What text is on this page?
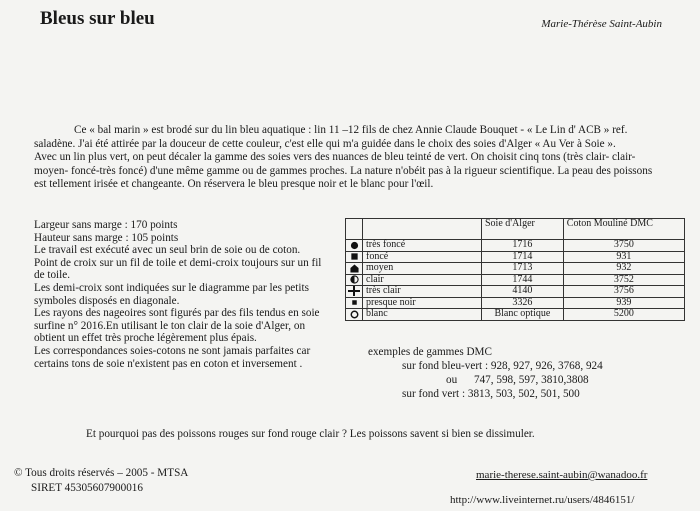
Bleus sur bleu	Marie-Thérèse Saint-Aubin

Ce « bal marin » est brodé sur du lin bleu aquatique : lin 11 –12 fils de chez Annie Claude Bouquet - « Le Lin d' ACB » ref. saladène. J'ai été attirée par la douceur de cette couleur, c'est elle qui m'a guidée dans le choix des soies d'Alger « Au Ver à Soie ».

Avec un lin plus vert, on peut décaler la gamme des soies vers des nuances de bleu teinté de vert. On choisit cinq tons (très clair- clair-moyen- foncé-très foncé) d'une même gamme ou de gammes proches. La nature n'obéit pas à la rigueur scientifique. La peau des poissons est tellement irisée et changeante. On réservera le bleu presque noir et le blanc pour l'œil.

Largeur sans marge : 170 points
Hauteur sans marge : 105 points
Le travail est exécuté avec un seul brin de soie ou de coton.
Point de croix sur un fil de toile et demi-croix toujours sur un fil de toile.
Les demi-croix sont indiquées sur le diagramme par les petits symboles disposés en diagonale.
Les rayons des nageoires sont figurés par des fils tendus en soie surfine n° 2016.En utilisant le ton clair de la soie d'Alger, on obtient un effet très proche légèrement plus épais.
Les correspondances soies-cotons ne sont jamais parfaites car certains tons de soie n'existent pas en coton et inversement .
		Soie d'Alger	Coton Mouliné DMC

	très foncé	1716	3750

	foncé	1714	931

	moyen	1713	932

	clair	1744	3752

	très clair	4140	3756

	presque noir	3326	939

	blanc	Blanc optique	5200
exemples de gammes DMC
sur fond bleu-vert : 928, 927, 926, 3768, 924
ou      747, 598, 597, 3810,3808
sur fond vert : 3813, 503, 502, 501, 500
Et pourquoi pas des poissons rouges sur fond rouge clair ? Les poissons savent si bien se dissimuler.
© Tous droits réservés – 2005 - MTSA
SIRET 45305607900016
marie-therese.saint-aubin@wanadoo.fr
http://www.liveinternet.ru/users/4846151/
